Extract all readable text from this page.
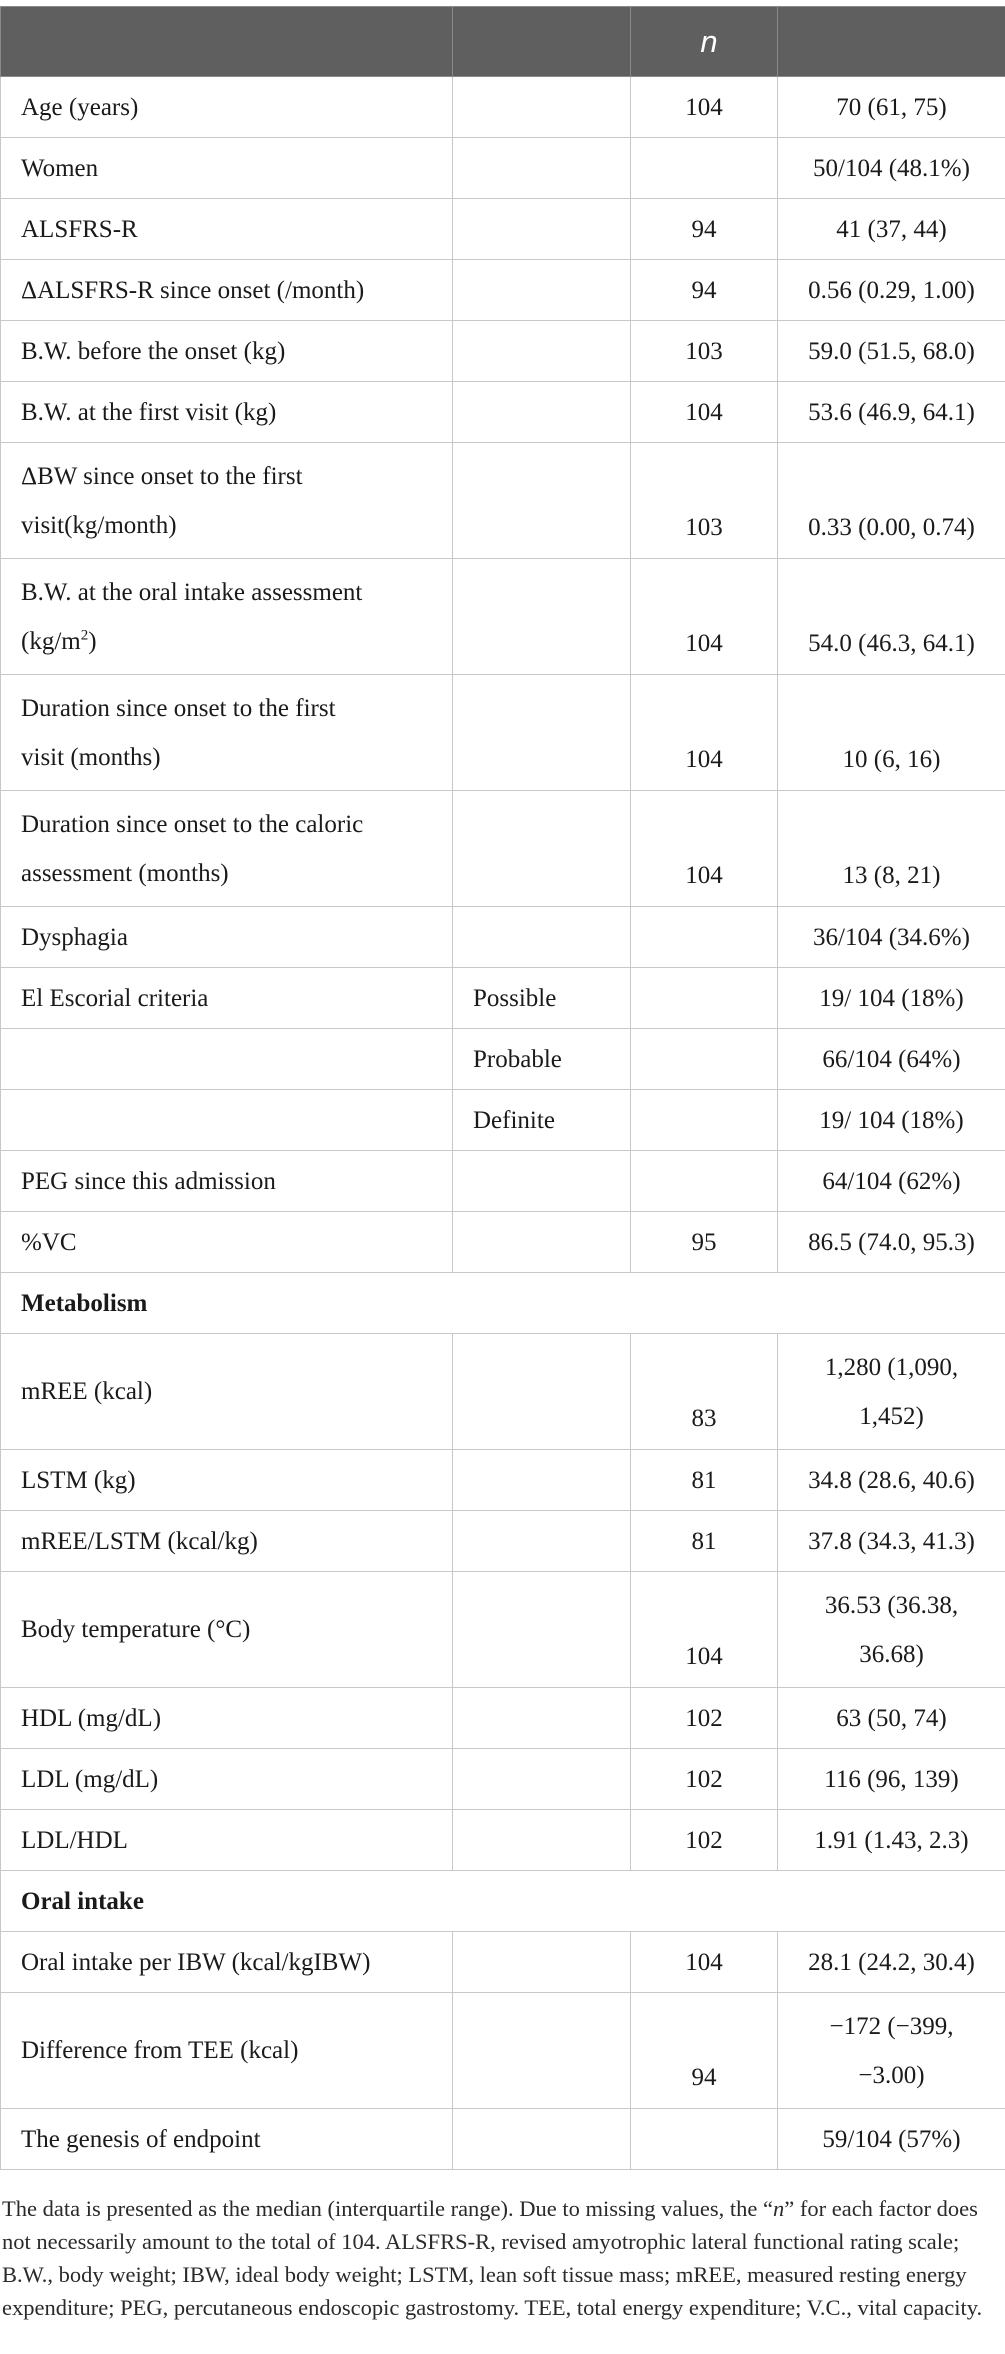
		n	
Age (years)		104	70 (61, 75)
Women			50/104 (48.1%)
ALSFRS-R		94	41 (37, 44)
ΔALSFRS-R since onset (/month)		94	0.56 (0.29, 1.00)
B.W. before the onset (kg)		103	59.0 (51.5, 68.0)
B.W. at the first visit (kg)		104	53.6 (46.9, 64.1)
ΔBW since onset to the first
visit(kg/month)		103	0.33 (0.00, 0.74)
B.W. at the oral intake assessment
$(kg/m^2)$		104	54.0 (46.3, 64.1)
Duration since onset to the first
visit (months)		104	10 (6, 16)
Duration since onset to the caloric
assessment (months)		104	13 (8, 21)
Dysphagia			36/104 (34.6%)
El Escorial criteria	Possible		19/ 104 (18%)
	Probable		66/104 (64%)
	Definite		19/ 104 (18%)
PEG since this admission			64/104 (62%)
%VC		95	86.5 (74.0, 95.3)
Metabolism			
mREE (kcal)		83	1,280 (1,090,
1,452)
LSTM (kg)		81	34.8 (28.6, 40.6)
mREE/LSTM (kcal/kg)		81	37.8 (34.3, 41.3)
Body temperature (°C)		104	36.53 (36.38,
36.68)
HDL (mg/dL)		102	63 (50, 74)
LDL (mg/dL)		102	116 (96, 139)
LDL/HDL		102	1.91 (1.43, 2.3)
Oral intake			
Oral intake per IBW (kcal/kgIBW)		104	28.1 (24.2, 30.4)
Difference from TEE (kcal)		94	−172 (−399,
−3.00)
The genesis of endpoint			59/104 (57%)

The data is presented as the median (interquartile range). Due to missing values, the “n” for each factor does not necessarily amount to the total of 104. ALSFRS-R, revised amyotrophic lateral functional rating scale; B.W., body weight; IBW, ideal body weight; LSTM, lean soft tissue mass; mREE, measured resting energy expenditure; PEG, percutaneous endoscopic gastrostomy. TEE, total energy expenditure; V.C., vital capacity.
